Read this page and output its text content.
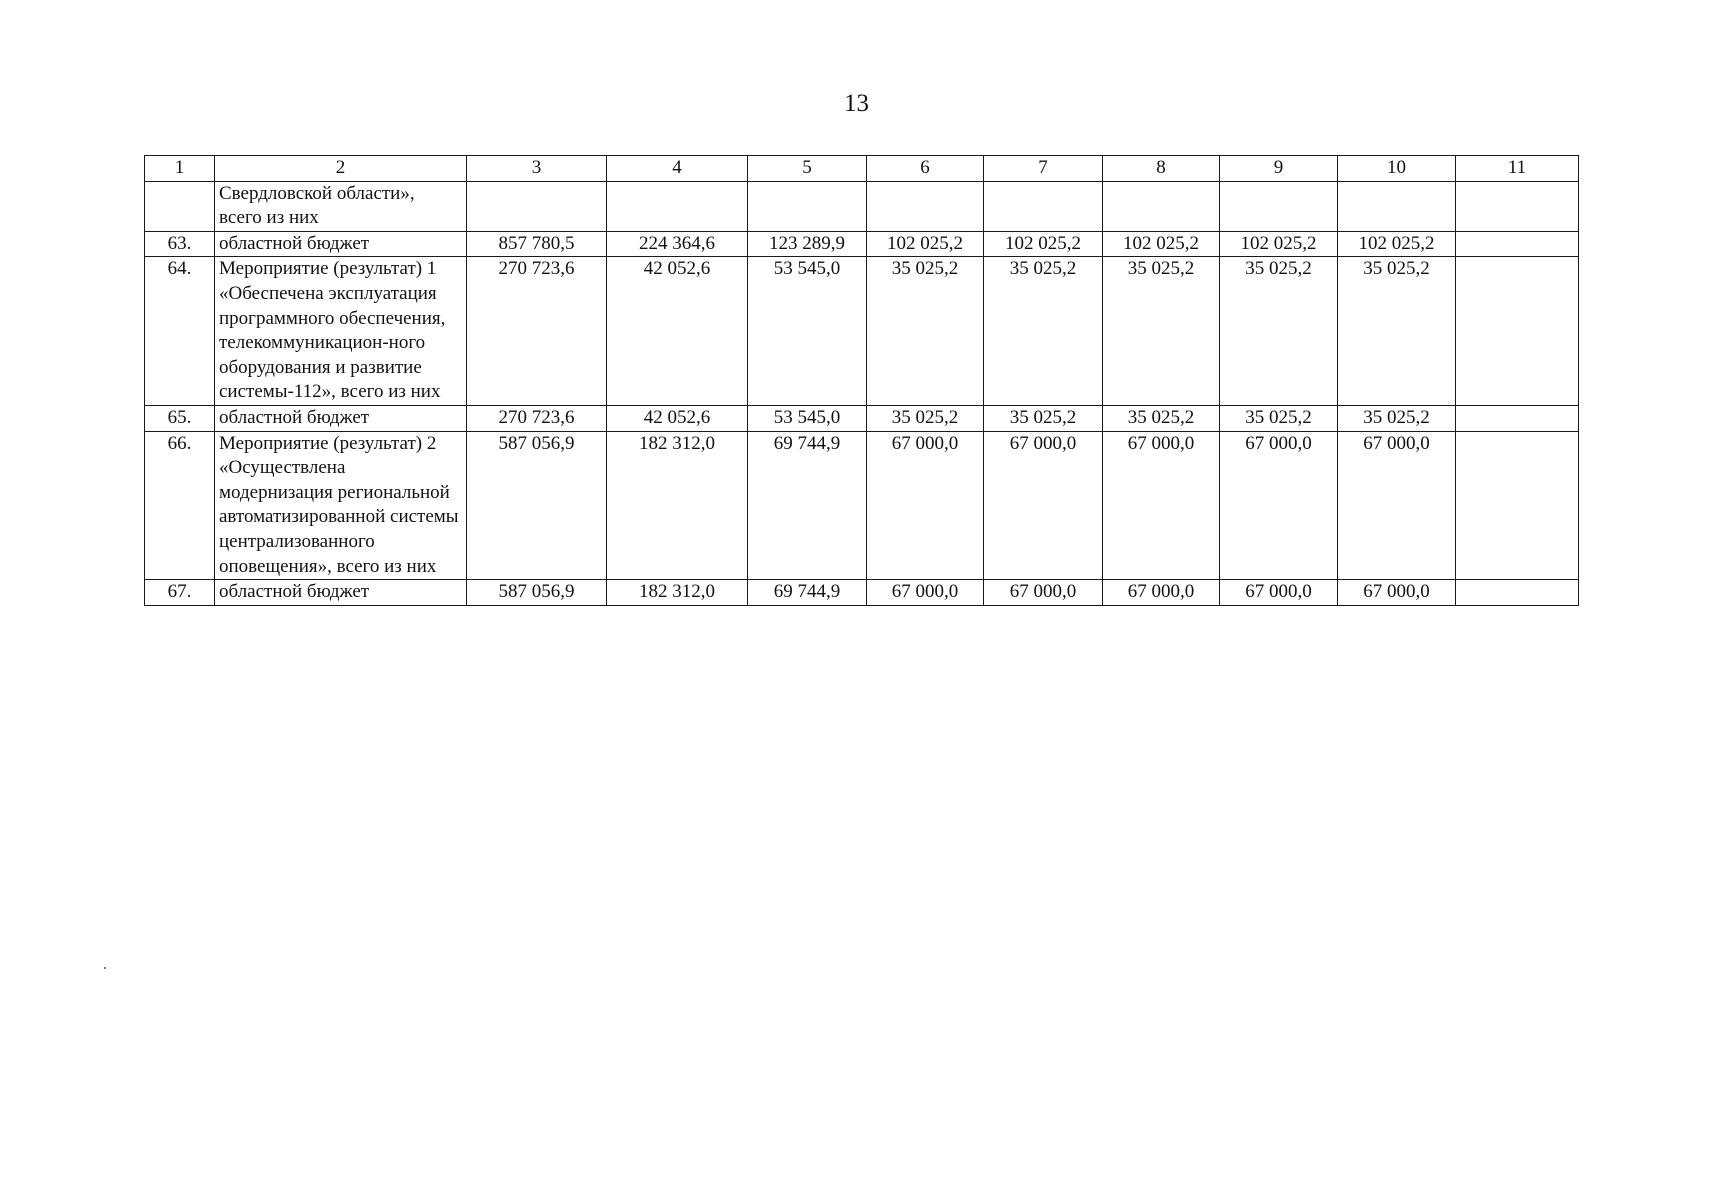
13
1	2	3	4	5	6	7	8	9	10	11
	Свердловской области», всего из них									
63.	областной бюджет	857 780,5	224 364,6	123 289,9	102 025,2	102 025,2	102 025,2	102 025,2	102 025,2	
64.	Мероприятие (результат) 1 «Обеспечена эксплуатация программного обеспечения, телекоммуникацион-ного оборудования и развитие системы-112», всего из них	270 723,6	42 052,6	53 545,0	35 025,2	35 025,2	35 025,2	35 025,2	35 025,2	
65.	областной бюджет	270 723,6	42 052,6	53 545,0	35 025,2	35 025,2	35 025,2	35 025,2	35 025,2	
66.	Мероприятие (результат) 2 «Осуществлена модернизация региональной автоматизированной системы централизованного оповещения», всего из них	587 056,9	182 312,0	69 744,9	67 000,0	67 000,0	67 000,0	67 000,0	67 000,0	
67.	областной бюджет	587 056,9	182 312,0	69 744,9	67 000,0	67 000,0	67 000,0	67 000,0	67 000,0	
